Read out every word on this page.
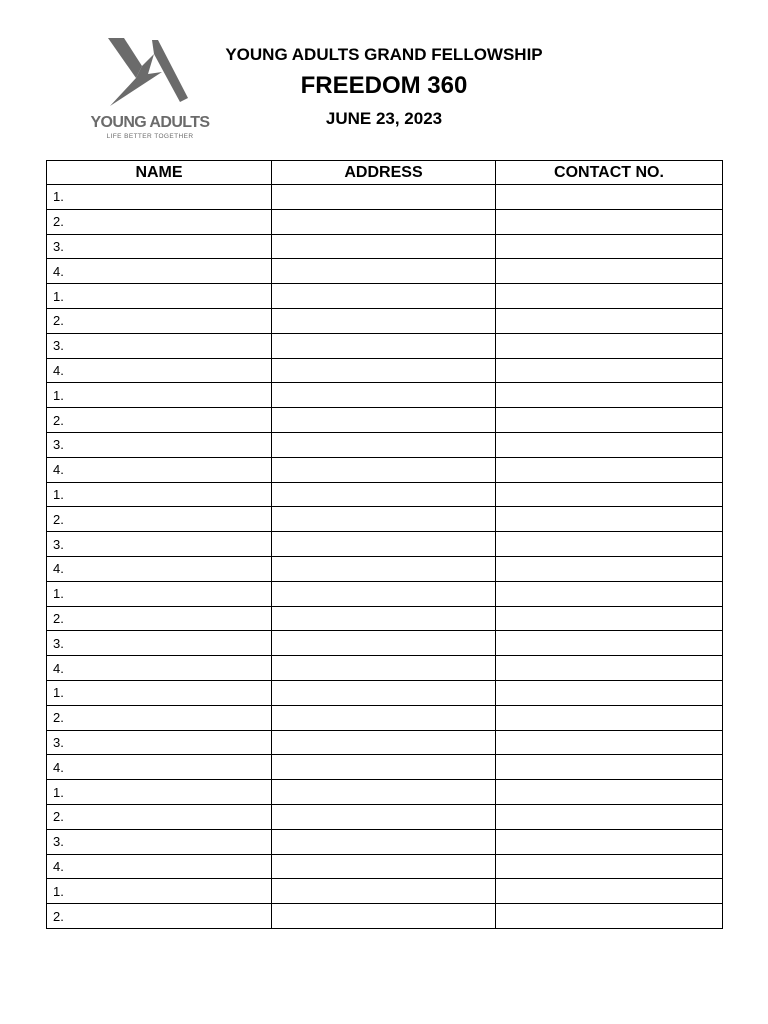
YOUNG ADULTS
LIFE BETTER TOGETHER
YOUNG ADULTS GRAND FELLOWSHIP
FREEDOM 360
JUNE 23, 2023
NAME	ADDRESS	CONTACT NO.
1.		
2.		
3.		
4.		
1.		
2.		
3.		
4.		
1.		
2.		
3.		
4.		
1.		
2.		
3.		
4.		
1.		
2.		
3.		
4.		
1.		
2.		
3.		
4.		
1.		
2.		
3.		
4.		
1.		
2.		
